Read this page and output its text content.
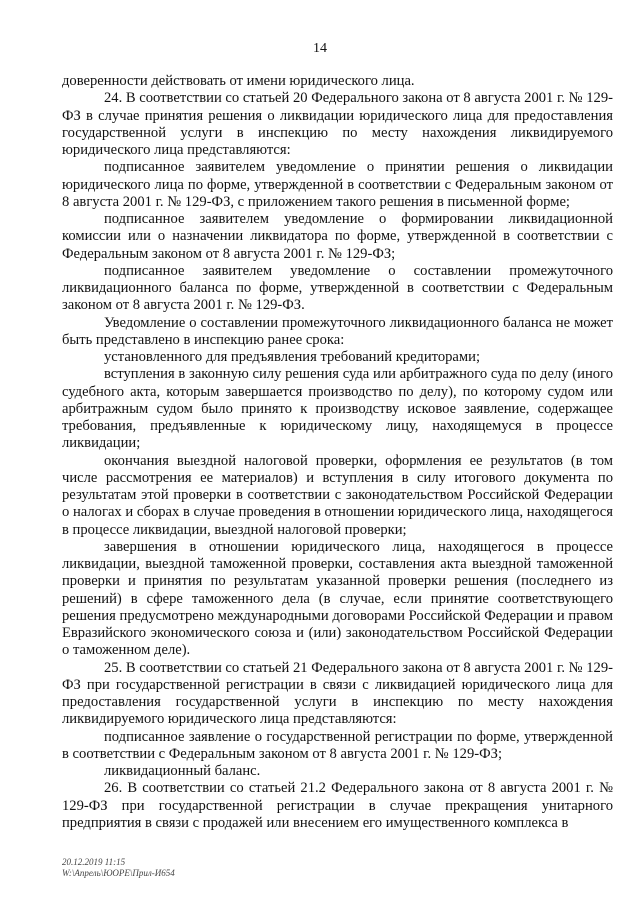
14

доверенности действовать от имени юридического лица.

24. В соответствии со статьей 20 Федерального закона от 8 августа 2001 г. № 129-ФЗ в случае принятия решения о ликвидации юридического лица для предоставления государственной услуги в инспекцию по месту нахождения ликвидируемого юридического лица представляются:

подписанное заявителем уведомление о принятии решения о ликвидации юридического лица по форме, утвержденной в соответствии с Федеральным законом от 8 августа 2001 г. № 129-ФЗ, с приложением такого решения в письменной форме;

подписанное заявителем уведомление о формировании ликвидационной комиссии или о назначении ликвидатора по форме, утвержденной в соответствии с Федеральным законом от 8 августа 2001 г. № 129-ФЗ;

подписанное заявителем уведомление о составлении промежуточного ликвидационного баланса по форме, утвержденной в соответствии с Федеральным законом от 8 августа 2001 г. № 129-ФЗ.

Уведомление о составлении промежуточного ликвидационного баланса не может быть представлено в инспекцию ранее срока:

установленного для предъявления требований кредиторами;

вступления в законную силу решения суда или арбитражного суда по делу (иного судебного акта, которым завершается производство по делу), по которому судом или арбитражным судом было принято к производству исковое заявление, содержащее требования, предъявленные к юридическому лицу, находящемуся в процессе ликвидации;

окончания выездной налоговой проверки, оформления ее результатов (в том числе рассмотрения ее материалов) и вступления в силу итогового документа по результатам этой проверки в соответствии с законодательством Российской Федерации о налогах и сборах в случае проведения в отношении юридического лица, находящегося в процессе ликвидации, выездной налоговой проверки;

завершения в отношении юридического лица, находящегося в процессе ликвидации, выездной таможенной проверки, составления акта выездной таможенной проверки и принятия по результатам указанной проверки решения (последнего из решений) в сфере таможенного дела (в случае, если принятие соответствующего решения предусмотрено международными договорами Российской Федерации и правом Евразийского экономического союза и (или) законодательством Российской Федерации о таможенном деле).

25. В соответствии со статьей 21 Федерального закона от 8 августа 2001 г. № 129-ФЗ при государственной регистрации в связи с ликвидацией юридического лица для предоставления государственной услуги в инспекцию по месту нахождения ликвидируемого юридического лица представляются:

подписанное заявление о государственной регистрации по форме, утвержденной в соответствии с Федеральным законом от 8 августа 2001 г. № 129-ФЗ;

ликвидационный баланс.

26. В соответствии со статьей 21.2 Федерального закона от 8 августа 2001 г. № 129-ФЗ при государственной регистрации в случае прекращения унитарного предприятия в связи с продажей или внесением его имущественного комплекса в

20.12.2019 11:15
W:\Апрель\ЮОРЕ\Прил-И654
